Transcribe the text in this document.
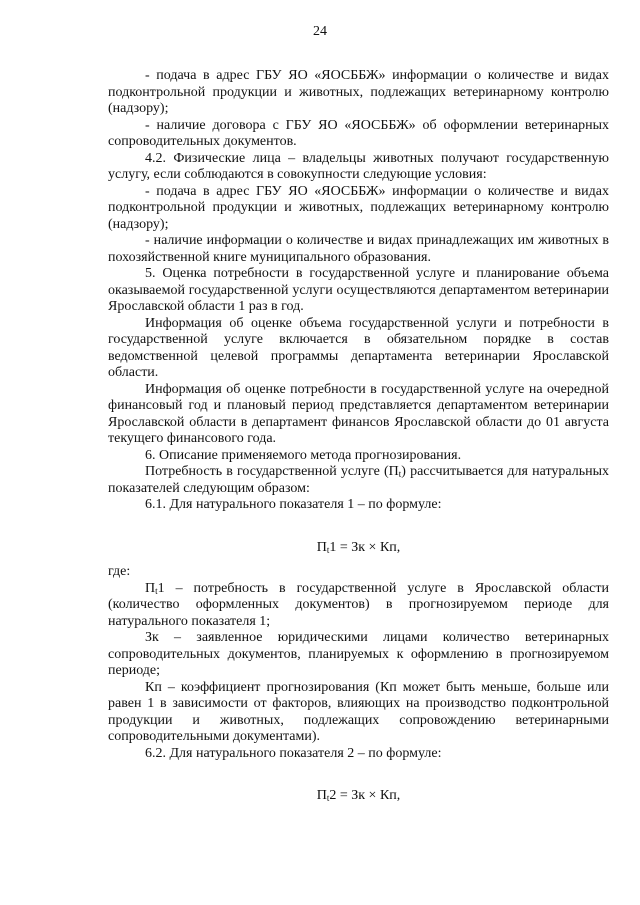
24

- подача в адрес ГБУ ЯО «ЯОСББЖ» информации о количестве и видах подконтрольной продукции и животных, подлежащих ветеринарному контролю (надзору);

- наличие договора с ГБУ ЯО «ЯОСББЖ» об оформлении ветеринарных сопроводительных документов.

4.2. Физические лица – владельцы животных получают государственную услугу, если соблюдаются в совокупности следующие условия:

- подача в адрес ГБУ ЯО «ЯОСББЖ» информации о количестве и видах подконтрольной продукции и животных, подлежащих ветеринарному контролю (надзору);

- наличие информации о количестве и видах принадлежащих им животных в похозяйственной книге муниципального образования.

5. Оценка потребности в государственной услуге и планирование объема оказываемой государственной услуги осуществляются департаментом ветеринарии Ярославской области 1 раз в год.

Информация об оценке объема государственной услуги и потребности в государственной услуге включается в обязательном порядке в состав ведомственной целевой программы департамента ветеринарии Ярославской области.

Информация об оценке потребности в государственной услуге на очередной финансовый год и плановый период представляется департаментом ветеринарии Ярославской области в департамент финансов Ярославской области до 01 августа текущего финансового года.

6. Описание применяемого метода прогнозирования.

Потребность в государственной услуге $(П_t)$ рассчитывается для натуральных показателей следующим образом:

6.1. Для натурального показателя 1 – по формуле:

$П_t1$ = Зк × Кп,

где:

$П_t1$ – потребность в государственной услуге в Ярославской области (количество оформленных документов) в прогнозируемом периоде для натурального показателя 1;

Зк – заявленное юридическими лицами количество ветеринарных сопроводительных документов, планируемых к оформлению в прогнозируемом периоде;

Кп – коэффициент прогнозирования (Кп может быть меньше, больше или равен 1 в зависимости от факторов, влияющих на производство подконтрольной продукции и животных, подлежащих сопровождению ветеринарными сопроводительными документами).

6.2. Для натурального показателя 2 – по формуле:

$П_t2$ = Зк × Кп,
